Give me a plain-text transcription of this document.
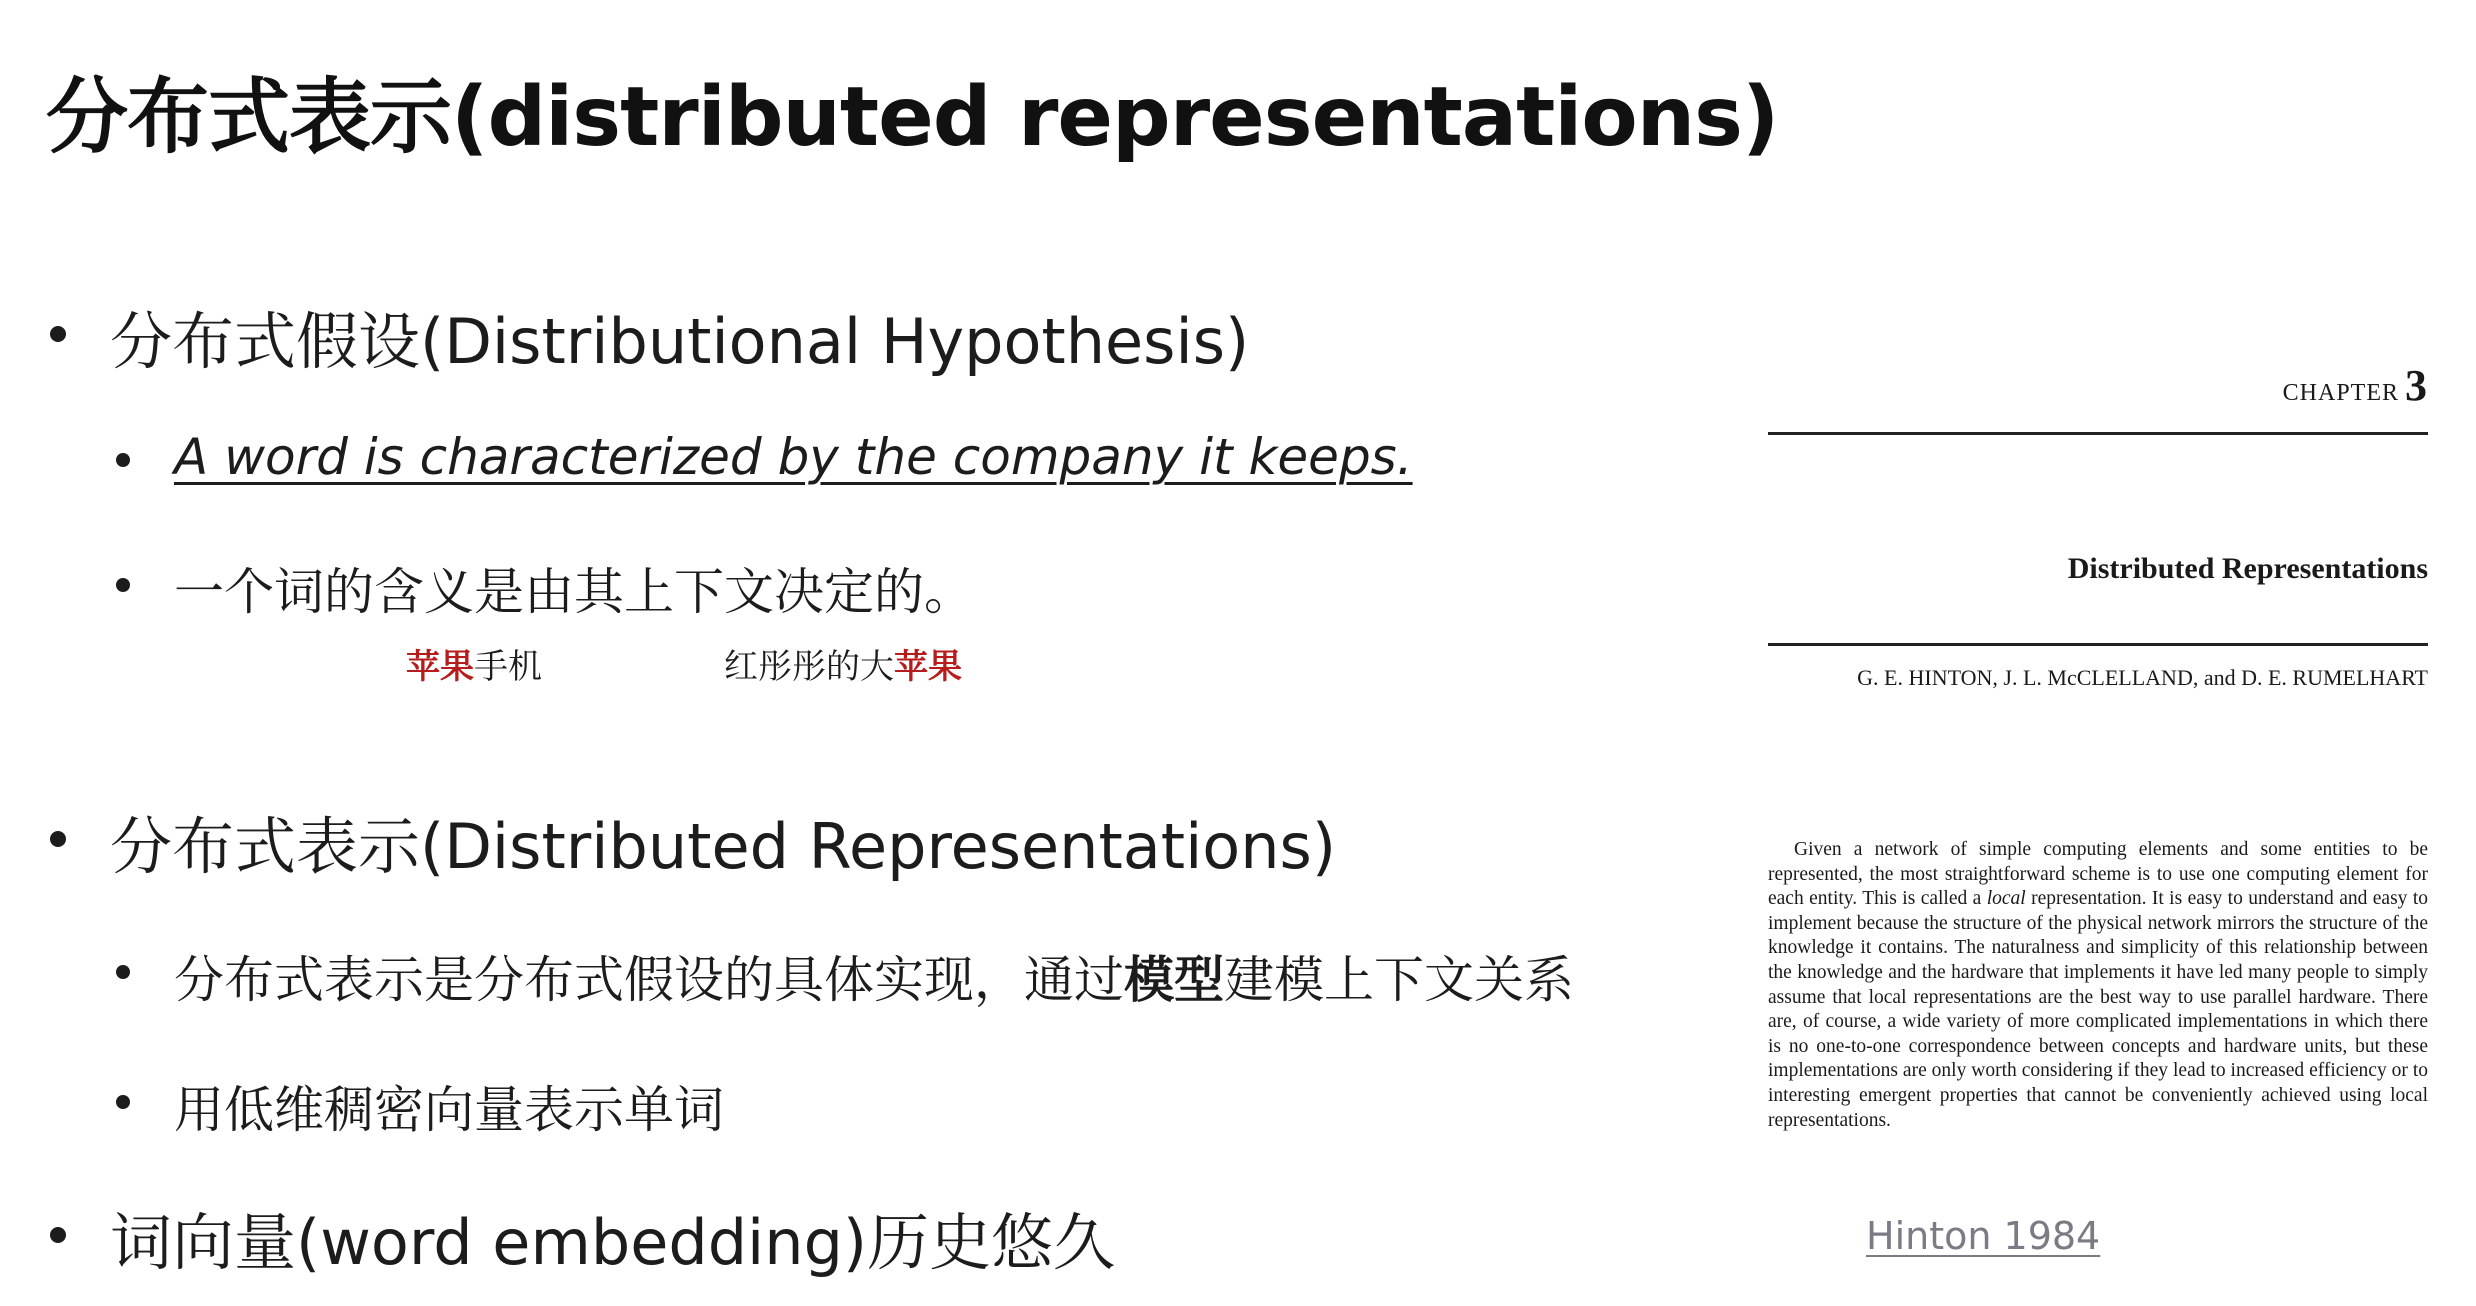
分布式表示(distributed representations)
分布式假设(Distributional Hypothesis)
A word is characterized by the company it keeps.
一个词的含义是由其上下文决定的。
苹果手机	红彤彤的大苹果
分布式表示(Distributed Representations)
分布式表示是分布式假设的具体实现，通过模型建模上下文关系
用低维稠密向量表示单词
词向量(word embedding)历史悠久
CHAPTER 3
Distributed Representations
G. E. HINTON, J. L. McCLELLAND, and D. E. RUMELHART
Given a network of simple computing elements and some entities to be represented, the most straightforward scheme is to use one computing element for each entity. This is called a local representation. It is easy to understand and easy to implement because the structure of the physical network mirrors the structure of the knowledge it contains. The naturalness and simplicity of this relationship between the knowledge and the hardware that implements it have led many people to simply assume that local representations are the best way to use parallel hardware. There are, of course, a wide variety of more complicated implementations in which there is no one-to-one correspondence between concepts and hardware units, but these implementations are only worth considering if they lead to increased efficiency or to interesting emergent properties that cannot be conveniently achieved using local representations.
Hinton 1984
